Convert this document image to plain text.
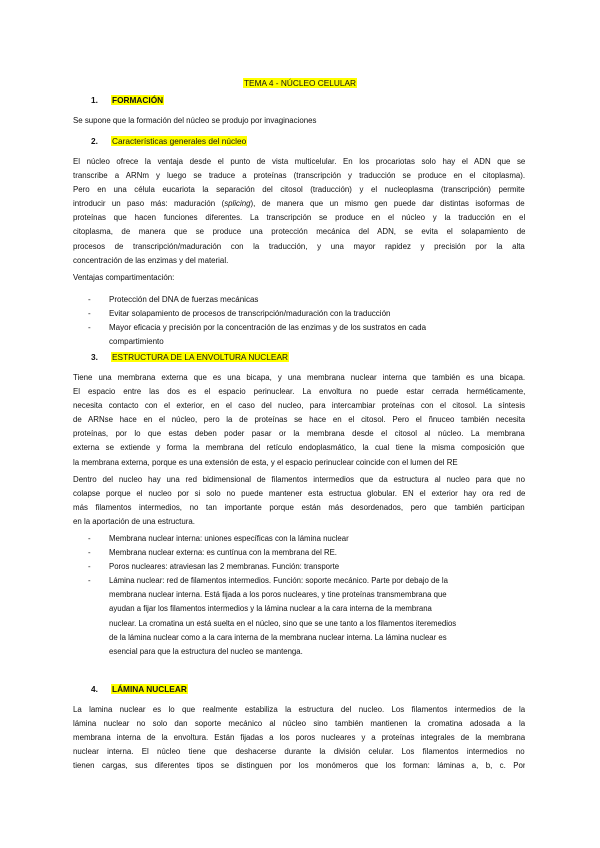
TEMA 4 - NÚCLEO CELULAR
1.	FORMACIÓN
Se supone que la formación del núcleo se produjo por invaginaciones
2.	Características generales del núcleo
El núcleo ofrece la ventaja desde el punto de vista multicelular. En los procariotas solo hay el ADN que se
transcribe a ARNm y luego se traduce a proteínas (transcripción y traducción se produce en el citoplasma).
Pero en una célula eucariota la separación del citosol (traducción) y el nucleoplasma (transcripción) permite
introducir un paso más: maduración (splicing), de manera que un mismo gen puede dar distintas isoformas de
proteínas que hacen funciones diferentes. La transcripción se produce en el núcleo y la traducción en el
citoplasma, de manera que se produce una protección mecánica del ADN, se evita el solapamiento de
procesos de transcripción/maduración con la traducción, y una mayor rapidez y precisión por la alta
concentración de las enzimas y del material.
Ventajas compartimentación:
-	Protección del DNA de fuerzas mecánicas
-	Evitar solapamiento de procesos de transcripción/maduración con la traducción
-	Mayor eficacia y precisión por la concentración de las enzimas y de los sustratos en cada
compartimiento
3.	ESTRUCTURA DE LA ENVOLTURA NUCLEAR
Tiene una membrana externa que es una bicapa, y una membrana nuclear interna que también es una bicapa.
El espacio entre las dos es el espacio perinuclear. La envoltura no puede estar cerrada herméticamente,
necesita contacto con el exterior, en el caso del nucleo, para intercambiar proteínas con el citosol. La síntesis
de ARNse hace en el núcleo, pero la de proteínas se hace en el citosol. Pero el ñnuceo también necesita
proteínas, por lo que estas deben poder pasar or la membrana desde el citosol al núcleo. La membrana
externa se extiende y forma la membrana del retículo endoplasmático, la cual tiene la misma composición que
la membrana externa, porque es una extensión de esta, y el espacio perinuclear coincide con el lumen del RE
Dentro del nucleo hay una red bidimensional de filamentos intermedios que da estructura al nucleo para que no
colapse porque el nucleo por si solo no puede mantener esta estructua globular. EN el exterior hay ora red de
más filamentos intermedios, no tan importante porque están más desordenados, pero que también participan
en la aportación de una estructura.
-	Membrana nuclear interna: uniones específicas con la lámina nuclear
-	Membrana nuclear externa: es cuntínua con la membrana del RE.
-	Poros nucleares: atraviesan las 2 membranas. Función: transporte
-	Lámina nuclear: red de filamentos intermedios. Función: soporte mecánico. Parte por debajo de la
membrana nuclear interna. Está fijada a los poros nucleares, y tine proteínas transmembrana que
ayudan a fijar los filamentos intermedios y la lámina nuclear a la cara interna de la membrana
nuclear. La cromatina un está suelta en el núcleo, sino que se une tanto a los filamentos iteremedios
de la lámina nuclear como a la cara interna de la membrana nuclear interna. La lámina nuclear es
esencial para que la estructura del nucleo se mantenga.
4.	LÁMINA NUCLEAR
La lamina nuclear es lo que realmente estabiliza la estructura del nucleo. Los filamentos intermedios de la
lámina nuclear no solo dan soporte mecánico al núcleo sino también mantienen la cromatina adosada a la
membrana interna de la envoltura. Están fijadas a los poros nucleares y a proteínas integrales de la membrana
nuclear interna. El núcleo tiene que deshacerse durante la división celular. Los filamentos intermedios no
tienen cargas, sus diferentes tipos se distinguen por los monómeros que los forman: láminas a, b, c. Por
